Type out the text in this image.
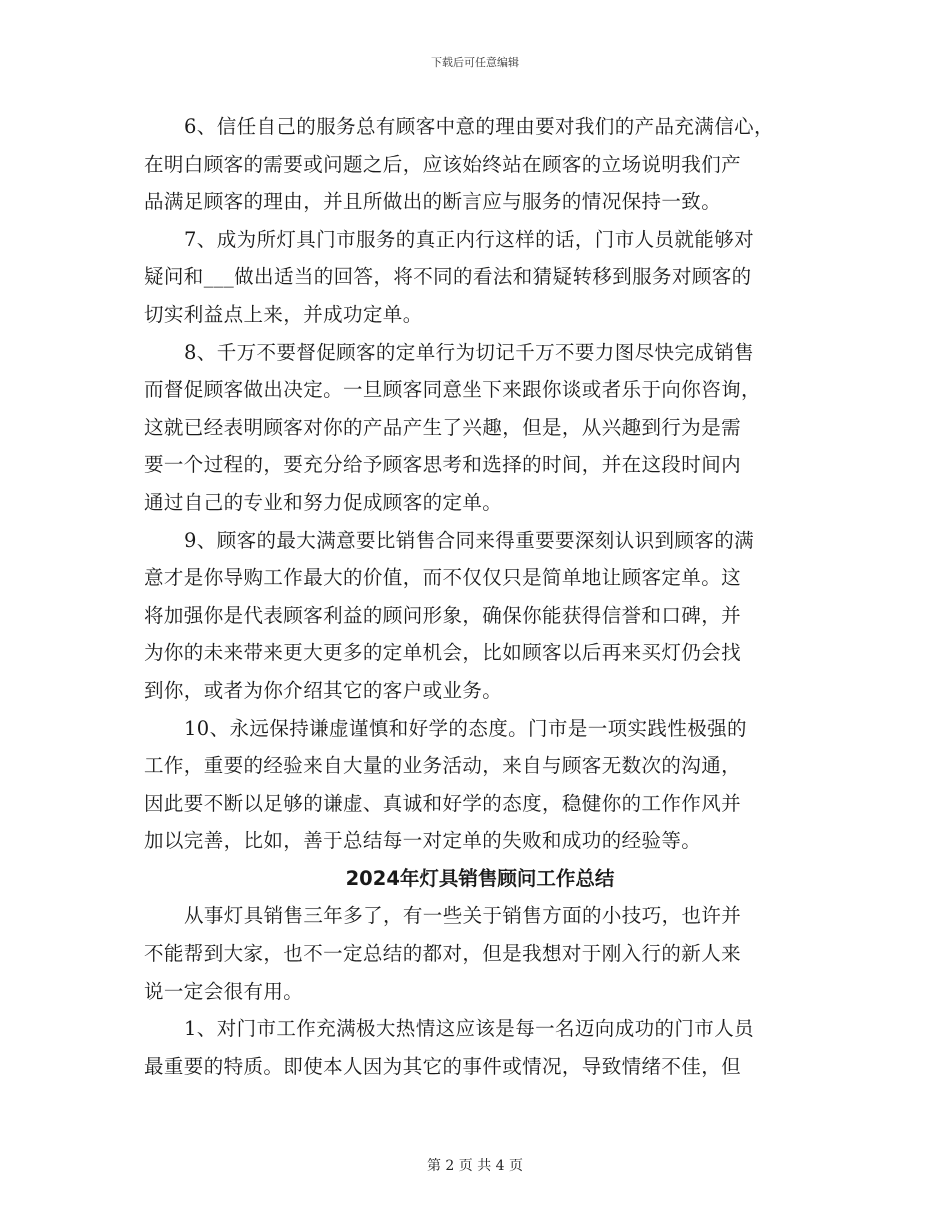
下载后可任意编辑
6、信任自己的服务总有顾客中意的理由要对我们的产品充满信心，
在明白顾客的需要或问题之后，应该始终站在顾客的立场说明我们产
品满足顾客的理由，并且所做出的断言应与服务的情况保持一致。
7、成为所灯具门市服务的真正内行这样的话，门市人员就能够对
疑问和___做出适当的回答，将不同的看法和猜疑转移到服务对顾客的
切实利益点上来，并成功定单。
8、千万不要督促顾客的定单行为切记千万不要力图尽快完成销售
而督促顾客做出决定。一旦顾客同意坐下来跟你谈或者乐于向你咨询，
这就已经表明顾客对你的产品产生了兴趣，但是，从兴趣到行为是需
要一个过程的，要充分给予顾客思考和选择的时间，并在这段时间内
通过自己的专业和努力促成顾客的定单。
9、顾客的最大满意要比销售合同来得重要要深刻认识到顾客的满
意才是你导购工作最大的价值，而不仅仅只是简单地让顾客定单。这
将加强你是代表顾客利益的顾问形象，确保你能获得信誉和口碑，并
为你的未来带来更大更多的定单机会，比如顾客以后再来买灯仍会找
到你，或者为你介绍其它的客户或业务。
10、永远保持谦虚谨慎和好学的态度。门市是一项实践性极强的
工作，重要的经验来自大量的业务活动，来自与顾客无数次的沟通，
因此要不断以足够的谦虚、真诚和好学的态度，稳健你的工作作风并
加以完善，比如，善于总结每一对定单的失败和成功的经验等。
2024年灯具销售顾问工作总结
从事灯具销售三年多了，有一些关于销售方面的小技巧，也许并
不能帮到大家，也不一定总结的都对，但是我想对于刚入行的新人来
说一定会很有用。
1、对门市工作充满极大热情这应该是每一名迈向成功的门市人员
最重要的特质。即使本人因为其它的事件或情况，导致情绪不佳，但
第 2 页 共 4 页
